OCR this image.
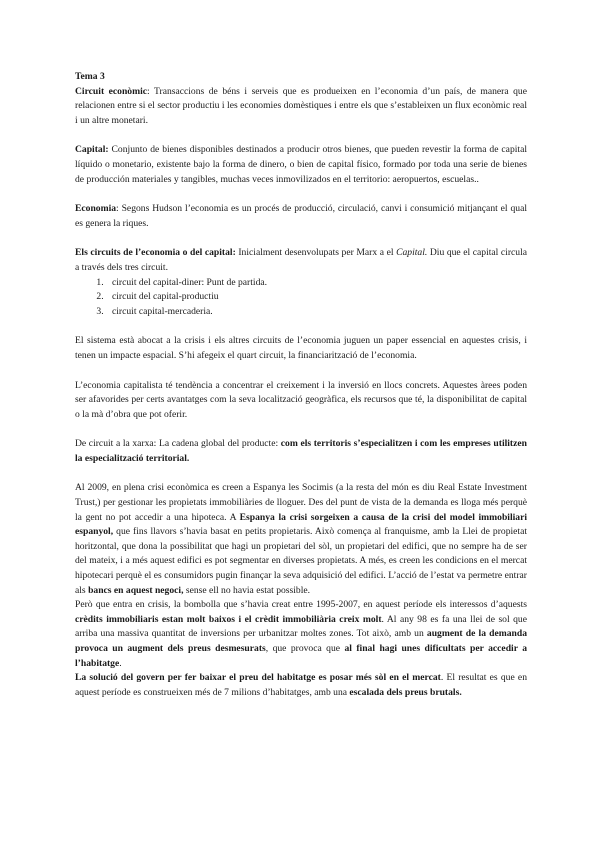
Tema 3

Circuit econòmic: Transaccions de béns i serveis que es produeixen en l’economia d’un país, de manera que relacionen entre si el sector productiu i les economies domèstiques i entre els que s’estableixen un flux econòmic real i un altre monetari.

Capital: Conjunto de bienes disponibles destinados a producir otros bienes, que pueden revestir la forma de capital líquido o monetario, existente bajo la forma de dinero, o bien de capital físico, formado por toda una serie de bienes de producción materiales y tangibles, muchas veces inmovilizados en el territorio: aeropuertos, escuelas..

Economia: Segons Hudson l’economia es un procés de producció, circulació, canvi i consumició mitjançant el qual es genera la riques.

Els circuits de l’economia o del capital: Inicialment desenvolupats per Marx a el Capital. Diu que el capital circula a través dels tres circuit.

1. circuit del capital-diner: Punt de partida.
2. circuit del capital-productiu
3. circuit capital-mercaderia.

El sistema està abocat a la crisis i els altres circuits de l’economia juguen un paper essencial en aquestes crisis, i tenen un impacte espacial. S’hi afegeix el quart circuit, la financiarització de l’economia.

L’economia capitalista té tendència a concentrar el creixement i la inversió en llocs concrets. Aquestes àrees poden ser afavorides per certs avantatges com la seva localització geogràfica, els recursos que té, la disponibilitat de capital o la mà d’obra que pot oferir.

De circuit a la xarxa: La cadena global del producte: com els territoris s’especialitzen i com les empreses utilitzen la especialització territorial.

Al 2009, en plena crisi econòmica es creen a Espanya les Socimis (a la resta del món es diu Real Estate Investment Trust,) per gestionar les propietats immobiliàries de lloguer. Des del punt de vista de la demanda es lloga més perquè la gent no pot accedir a una hipoteca. A Espanya la crisi sorgeixen a causa de la crisi del model immobiliari espanyol, que fins llavors s’havia basat en petits propietaris. Això comença al franquisme, amb la Llei de propietat horitzontal, que dona la possibilitat que hagi un propietari del sòl, un propietari del edifici, que no sempre ha de ser del mateix, i a més aquest edifici es pot segmentar en diverses propietats. A més, es creen les condicions en el mercat hipotecari perquè el es consumidors pugin finançar la seva adquisició del edifici. L’acció de l’estat va permetre entrar als bancs en aquest negoci, sense ell no havia estat possible.

Però que entra en crisis, la bombolla que s’havia creat entre 1995-2007, en aquest període els interessos d’aquests crèdits immobiliaris estan molt baixos i el crèdit immobiliària creix molt. Al any 98 es fa una llei de sol que arriba una massiva quantitat de inversions per urbanitzar moltes zones. Tot això, amb un augment de la demanda provoca un augment dels preus desmesurats, que provoca que al final hagi unes dificultats per accedir a l’habitatge.

La solució del govern per fer baixar el preu del habitatge es posar més sòl en el mercat. El resultat es que en aquest període es construeixen més de 7 milions d’habitatges, amb una escalada dels preus brutals.
